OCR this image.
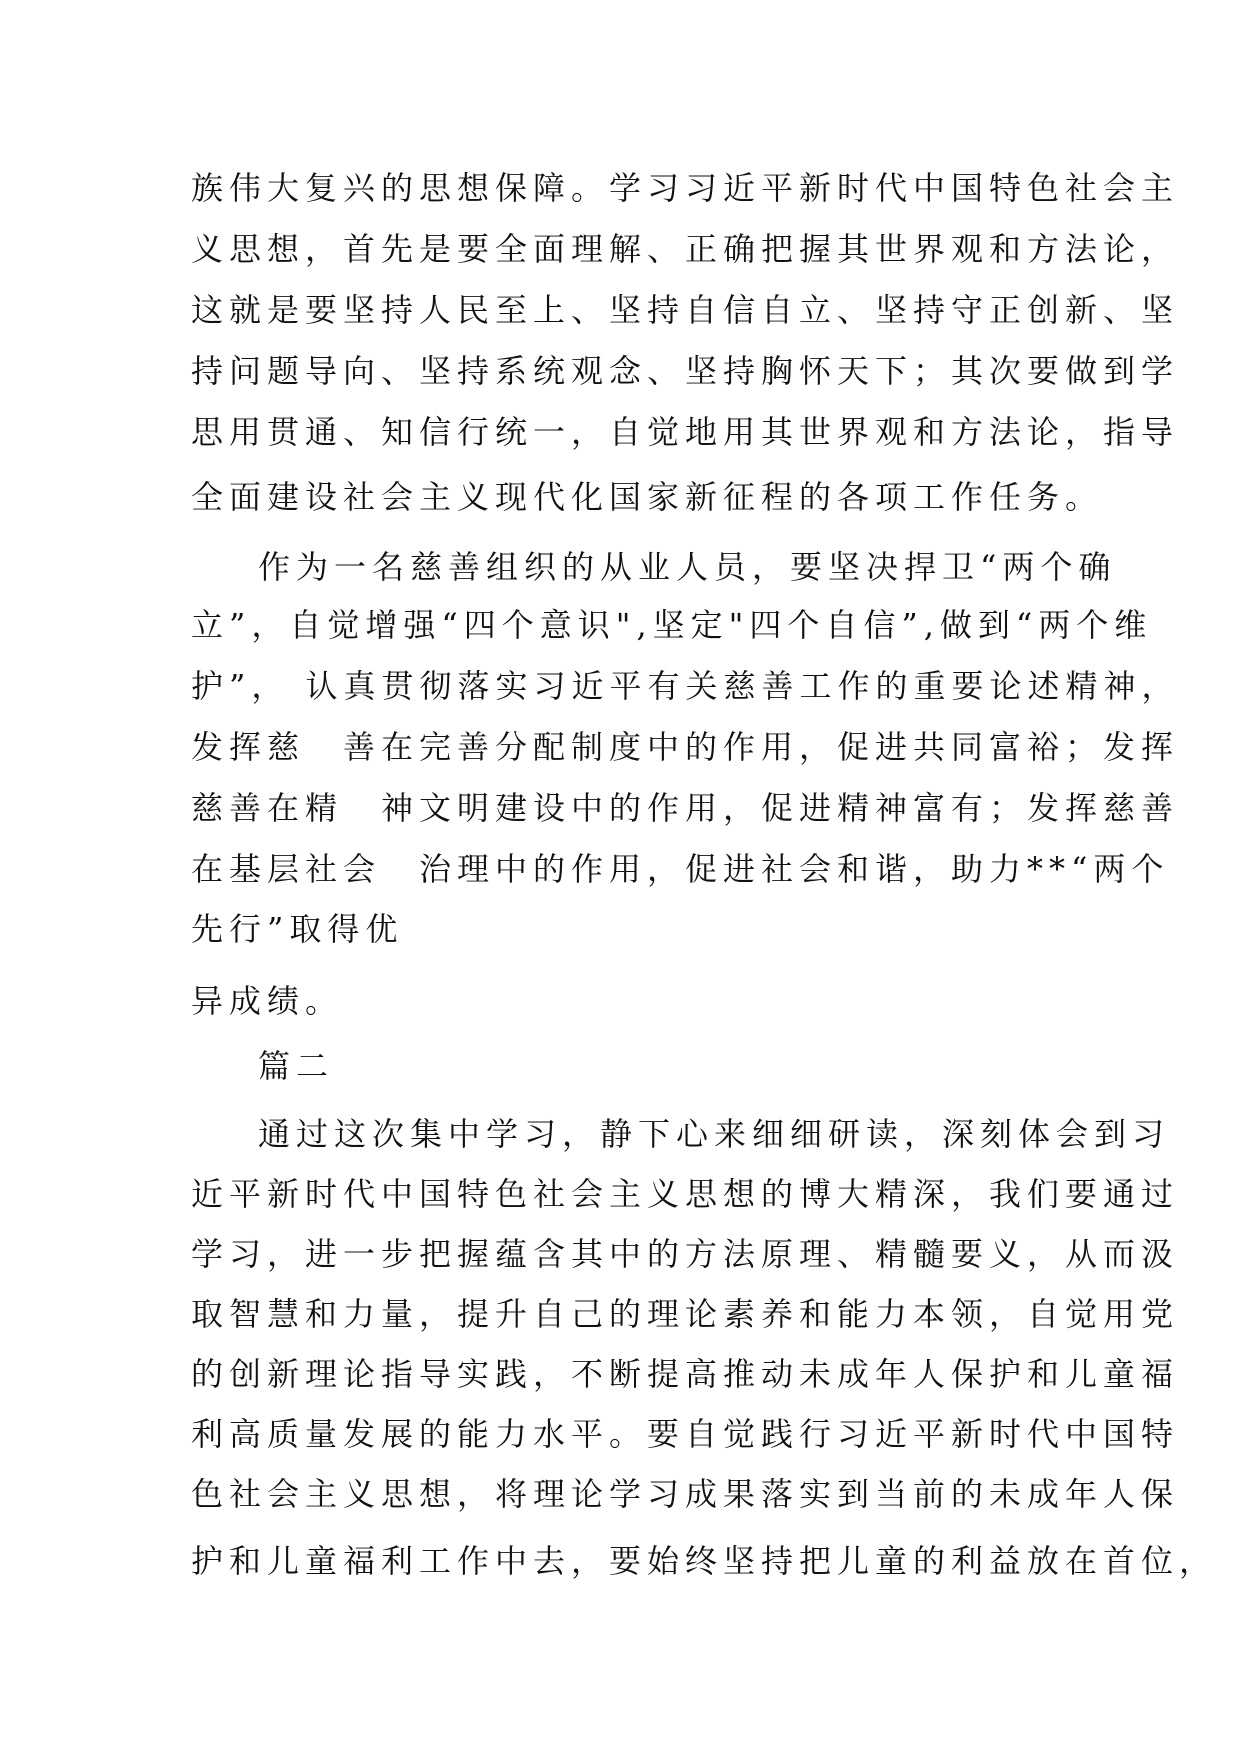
族伟大复兴的思想保障。学习习近平新时代中国特色社会主
义思想，首先是要全面理解、正确把握其世界观和方法论，
这就是要坚持人民至上、坚持自信自立、坚持守正创新、坚
持问题导向、坚持系统观念、坚持胸怀天下；其次要做到学
思用贯通、知信行统一，自觉地用其世界观和方法论，指导
全面建设社会主义现代化国家新征程的各项工作任务。
作为一名慈善组织的从业人员，要坚决捍卫“两个确
立”，自觉增强“四个意识",坚定"四个自信”,做到“两个维
护”， 认真贯彻落实习近平有关慈善工作的重要论述精神，
发挥慈　善在完善分配制度中的作用，促进共同富裕；发挥
慈善在精　神文明建设中的作用，促进精神富有；发挥慈善
在基层社会　治理中的作用，促进社会和谐，助力**“两个
先行”取得优
异成绩。
篇二
通过这次集中学习，静下心来细细研读，深刻体会到习
近平新时代中国特色社会主义思想的博大精深，我们要通过
学习，进一步把握蕴含其中的方法原理、精髓要义，从而汲
取智慧和力量，提升自己的理论素养和能力本领，自觉用党
的创新理论指导实践，不断提高推动未成年人保护和儿童福
利高质量发展的能力水平。要自觉践行习近平新时代中国特
色社会主义思想，将理论学习成果落实到当前的未成年人保
护和儿童福利工作中去，要始终坚持把儿童的利益放在首位，
